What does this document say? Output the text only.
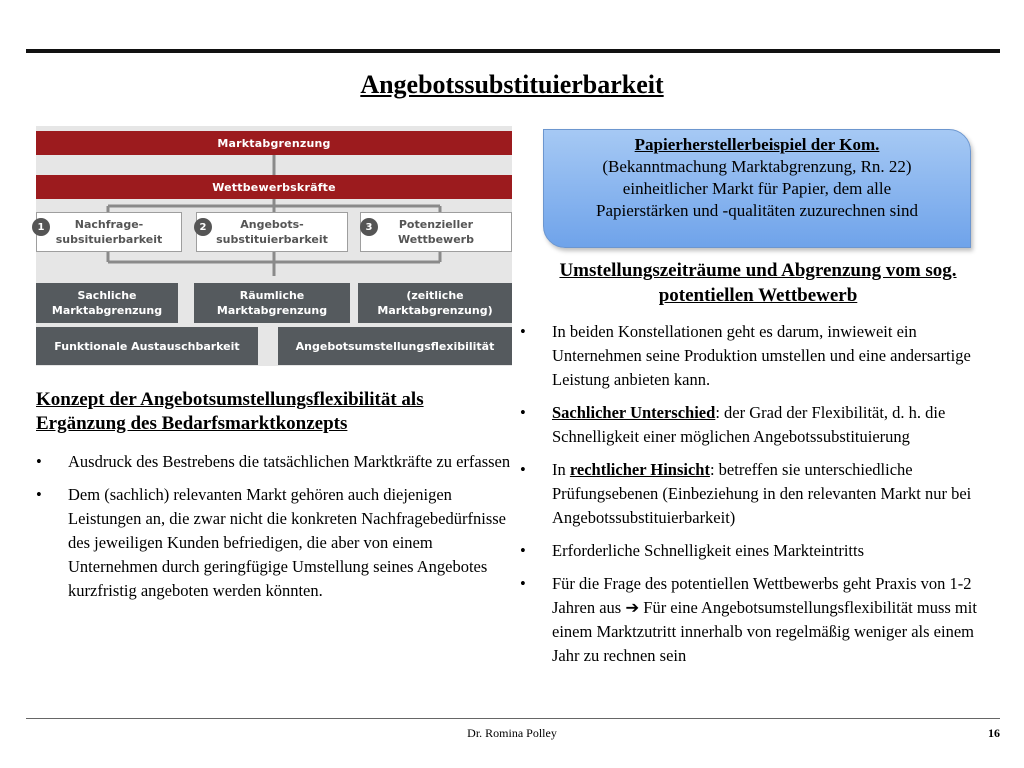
Angebotssubstituierbarkeit
Marktabgrenzung
Wettbewerbskräfte
Nachfrage-
subsituierbarkeit
1	Angebots-
substituierbarkeit
2	Potenzieller
Wettbewerb
3
Sachliche
Marktabgrenzung
Räumliche
Marktabgrenzung
(zeitliche
Marktabgrenzung)
Funktionale Austauschbarkeit	Angebotsumstellungsflexibilität
Konzept der Angebotsumstellungsflexibilität als
Ergänzung des Bedarfsmarktkonzepts
• Ausdruck des Bestrebens die tatsächlichen Marktkräfte zu erfassen
• Dem (sachlich) relevanten Markt gehören auch diejenigen Leistungen an, die zwar nicht die konkreten Nachfragebedürfnisse des jeweiligen Kunden befriedigen, die aber von einem Unternehmen durch geringfügige Umstellung seines Angebotes kurzfristig angeboten werden könnten.
Papierherstellerbeispiel der Kom.
(Bekanntmachung Marktabgrenzung, Rn. 22)
einheitlicher Markt für Papier, dem alle
Papierstärken und -qualitäten zuzurechnen sind
Umstellungszeiträume und Abgrenzung vom sog.
potentiellen Wettbewerb
• In beiden Konstellationen geht es darum, inwieweit ein Unternehmen seine Produktion umstellen und eine andersartige Leistung anbieten kann.
• Sachlicher Unterschied: der Grad der Flexibilität, d. h. die Schnelligkeit einer möglichen Angebotssubstituierung
• In rechtlicher Hinsicht: betreffen sie unterschiedliche Prüfungsebenen (Einbeziehung in den relevanten Markt nur bei Angebotssubstituierbarkeit)
• Erforderliche Schnelligkeit eines Markteintritts
• Für die Frage des potentiellen Wettbewerbs geht Praxis von 1-2 Jahren aus ➔ Für eine Angebotsumstellungsflexibilität muss mit einem Marktzutritt innerhalb von regelmäßig weniger als einem Jahr zu rechnen sein
Dr. Romina Polley	16
